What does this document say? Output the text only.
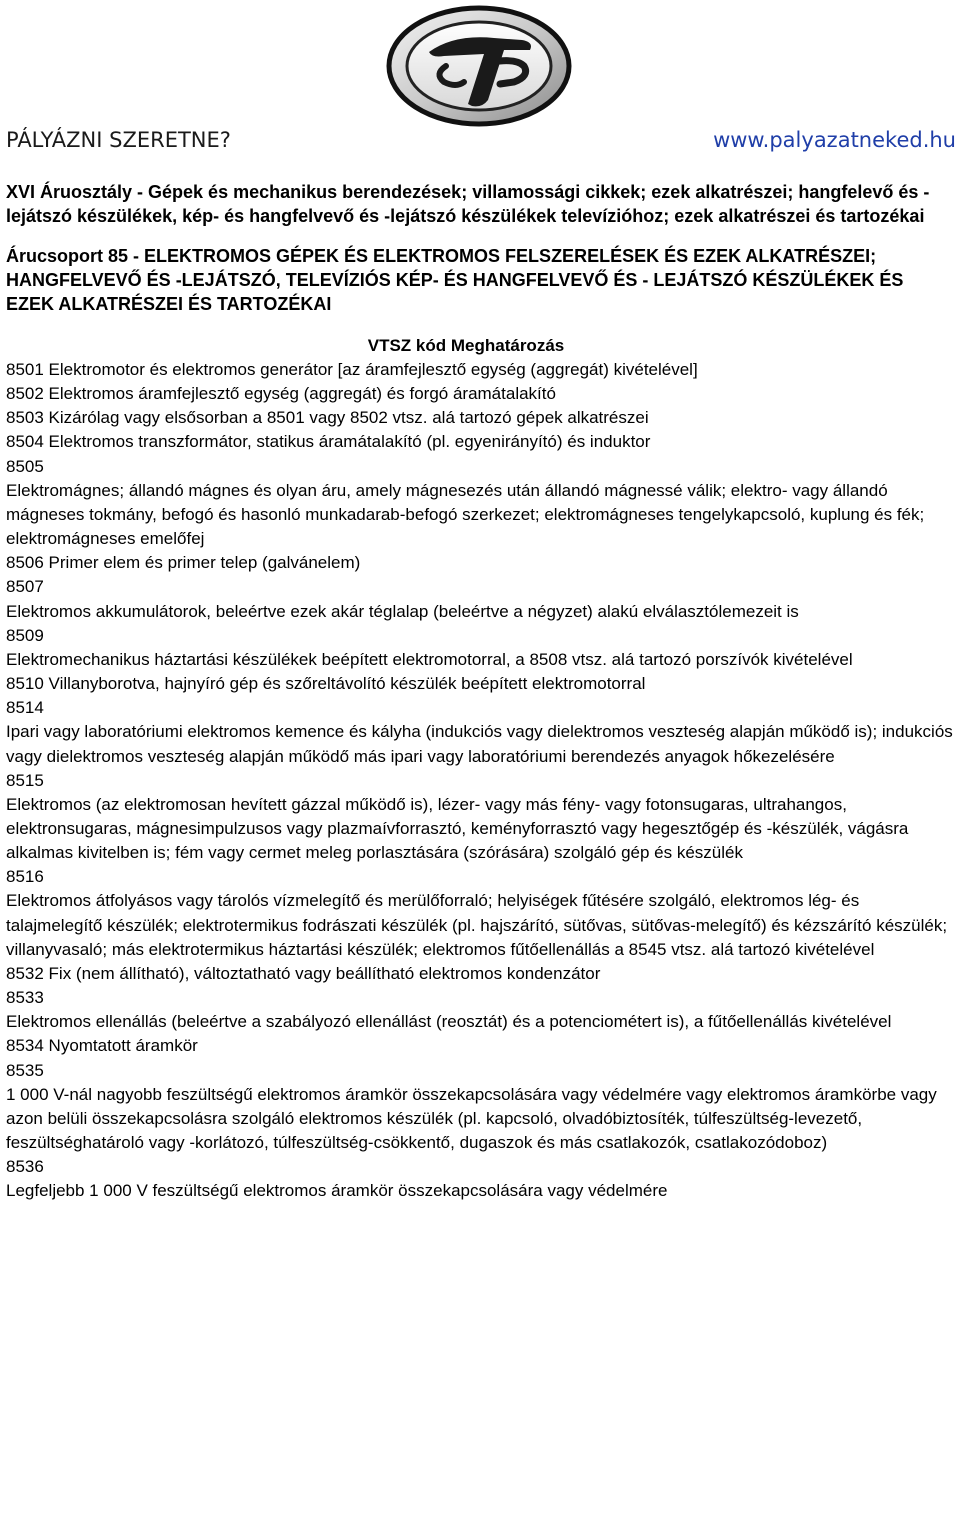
PÁLYÁZNI SZERETNE?	www.palyazatneked.hu

XVI Áruosztály - Gépek és mechanikus berendezések; villamossági cikkek; ezek alkatrészei; hangfelevő és -lejátszó készülékek, kép- és hangfelvevő és -lejátszó készülékek televízióhoz; ezek alkatrészei és tartozékai

Árucsoport 85 - ELEKTROMOS GÉPEK ÉS ELEKTROMOS FELSZERELÉSEK ÉS EZEK ALKATRÉSZEI; HANGFELVEVŐ ÉS -LEJÁTSZÓ, TELEVÍZIÓS KÉP- ÉS HANGFELVEVŐ ÉS - LEJÁTSZÓ KÉSZÜLÉKEK ÉS EZEK ALKATRÉSZEI ÉS TARTOZÉKAI

VTSZ kód Meghatározás

8501 Elektromotor és elektromos generátor [az áramfejlesztő egység (aggregát) kivételével]

8502 Elektromos áramfejlesztő egység (aggregát) és forgó áramátalakító

8503 Kizárólag vagy elsősorban a 8501 vagy 8502 vtsz. alá tartozó gépek alkatrészei

8504 Elektromos transzformátor, statikus áramátalakító (pl. egyenirányító) és induktor

8505

Elektromágnes; állandó mágnes és olyan áru, amely mágnesezés után állandó mágnessé válik; elektro- vagy állandó mágneses tokmány, befogó és hasonló munkadarab-befogó szerkezet; elektromágneses tengelykapcsoló, kuplung és fék; elektromágneses emelőfej

8506 Primer elem és primer telep (galvánelem)

8507

Elektromos akkumulátorok, beleértve ezek akár téglalap (beleértve a négyzet) alakú elválasztólemezeit is

8509

Elektromechanikus háztartási készülékek beépített elektromotorral, a 8508 vtsz. alá tartozó porszívók kivételével

8510 Villanyborotva, hajnyíró gép és szőreltávolító készülék beépített elektromotorral

8514

Ipari vagy laboratóriumi elektromos kemence és kályha (indukciós vagy dielektromos veszteség alapján működő is); indukciós vagy dielektromos veszteség alapján működő más ipari vagy laboratóriumi berendezés anyagok hőkezelésére

8515

Elektromos (az elektromosan hevített gázzal működő is), lézer- vagy más fény- vagy fotonsugaras, ultrahangos, elektronsugaras, mágnesimpulzusos vagy plazmaívforrasztó, keményforrasztó vagy hegesztőgép és -készülék, vágásra alkalmas kivitelben is; fém vagy cermet meleg porlasztására (szórására) szolgáló gép és készülék

8516

Elektromos átfolyásos vagy tárolós vízmelegítő és merülőforraló; helyiségek fűtésére szolgáló, elektromos lég- és talajmelegítő készülék; elektrotermikus fodrászati készülék (pl. hajszárító, sütővas, sütővas-melegítő) és kézszárító készülék; villanyvasaló; más elektrotermikus háztartási készülék; elektromos fűtőellenállás a 8545 vtsz. alá tartozó kivételével

8532 Fix (nem állítható), változtatható vagy beállítható elektromos kondenzátor

8533

Elektromos ellenállás (beleértve a szabályozó ellenállást (reosztát) és a potenciométert is), a fűtőellenállás kivételével

8534 Nyomtatott áramkör

8535

1 000 V-nál nagyobb feszültségű elektromos áramkör összekapcsolására vagy védelmére vagy elektromos áramkörbe vagy azon belüli összekapcsolásra szolgáló elektromos készülék (pl. kapcsoló, olvadóbiztosíték, túlfeszültség-levezető, feszültséghatároló vagy -korlátozó, túlfeszültség-csökkentő, dugaszok és más csatlakozók, csatlakozódoboz)

8536

Legfeljebb 1 000 V feszültségű elektromos áramkör összekapcsolására vagy védelmére
